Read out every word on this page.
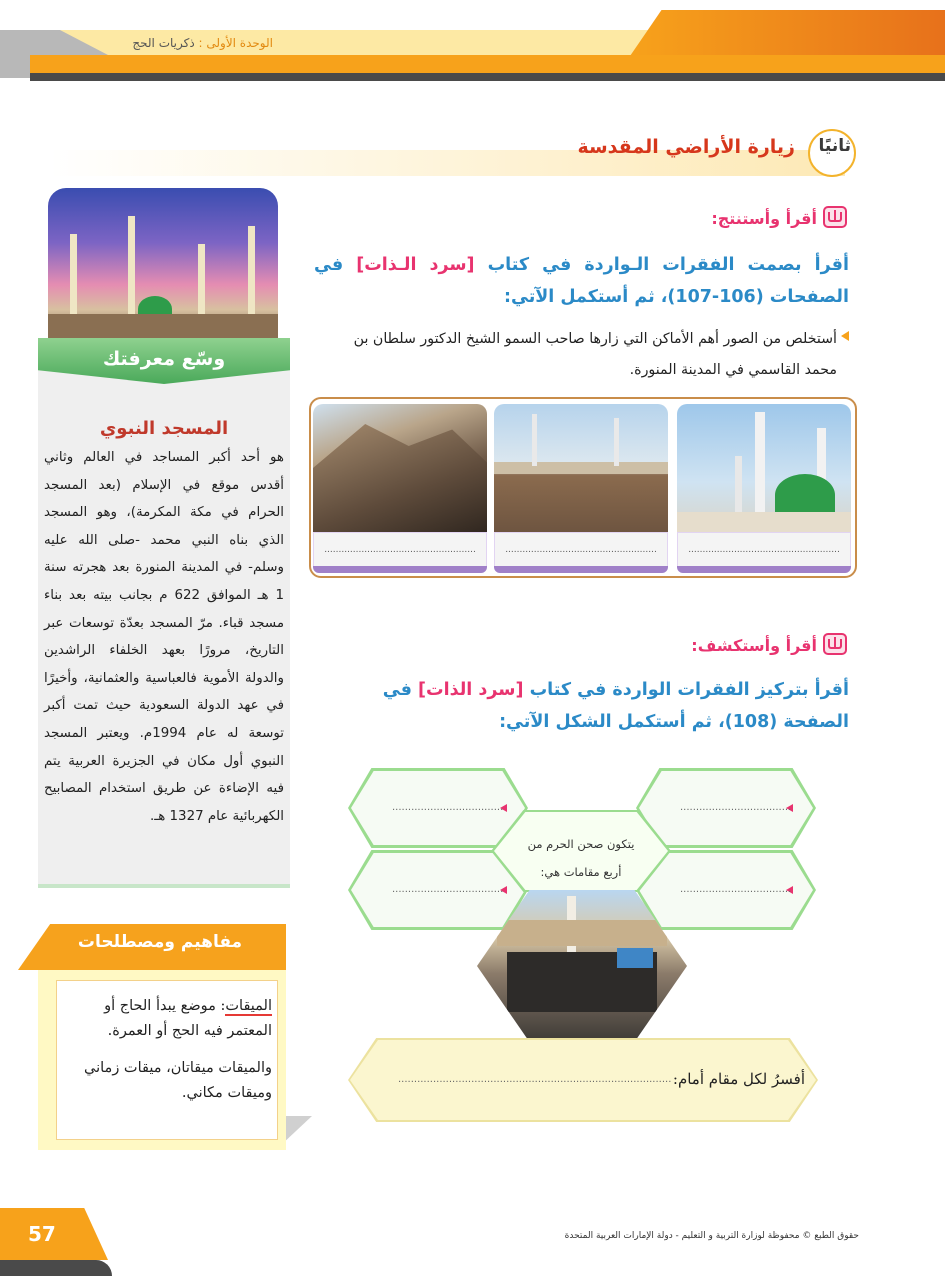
الوحدة الأولى : ذكريات الحج
ثانيًا
زيارة الأراضي المقدسة
وسّع معرفتك
المسجد النبوي
هو أحد أكبر المساجد في العالم وثاني أقدس موقع في الإسلام (بعد المسجد الحرام في مكة المكرمة)، وهو المسجد الذي بناه النبي محمد -صلى الله عليه وسلم- في المدينة المنورة بعد هجرته سنة 1 هـ الموافق 622 م بجانب بيته بعد بناء مسجد قباء. مرّ المسجد بعدّة توسعات عبر التاريخ، مرورًا بعهد الخلفاء الراشدين والدولة الأموية فالعباسية والعثمانية، وأخيرًا في عهد الدولة السعودية حيث تمت أكبر توسعة له عام 1994م. ويعتبر المسجد النبوي أول مكان في الجزيرة العربية يتم فيه الإضاءة عن طريق استخدام المصابيح الكهربائية عام 1327 هـ.
مفاهيم ومصطلحات
الميقات: موضع يبدأ الحاج أو المعتمر فيه الحج أو العمرة.
والميقات ميقاتان، ميقات زماني وميقات مكاني.
أقرأ وأستنتج:
أقرأ بصمت الفقرات الـواردة في كتاب [سرد الـذات] في الصفحات (106-107)، ثم أستكمل الآتي:
أستخلص من الصور أهم الأماكن التي زارها صاحب السمو الشيخ الدكتور سلطان بن محمد القاسمي في المدينة المنورة.
.....................................................
.....................................................
.....................................................
أقرأ وأستكشف:
أقرأ بتركيز الفقرات الواردة في كتاب [سرد الذات] في الصفحة (108)، ثم أستكمل الشكل الآتي:
...................................
...................................
...................................
...................................
يتكون صحن الحرم من
أربع مقامات هي:
أفسرُ لكل مقام أمام:
......................................................................................
57	حقوق الطبع © محفوظة لوزارة التربية و التعليم - دولة الإمارات العربية المتحدة
